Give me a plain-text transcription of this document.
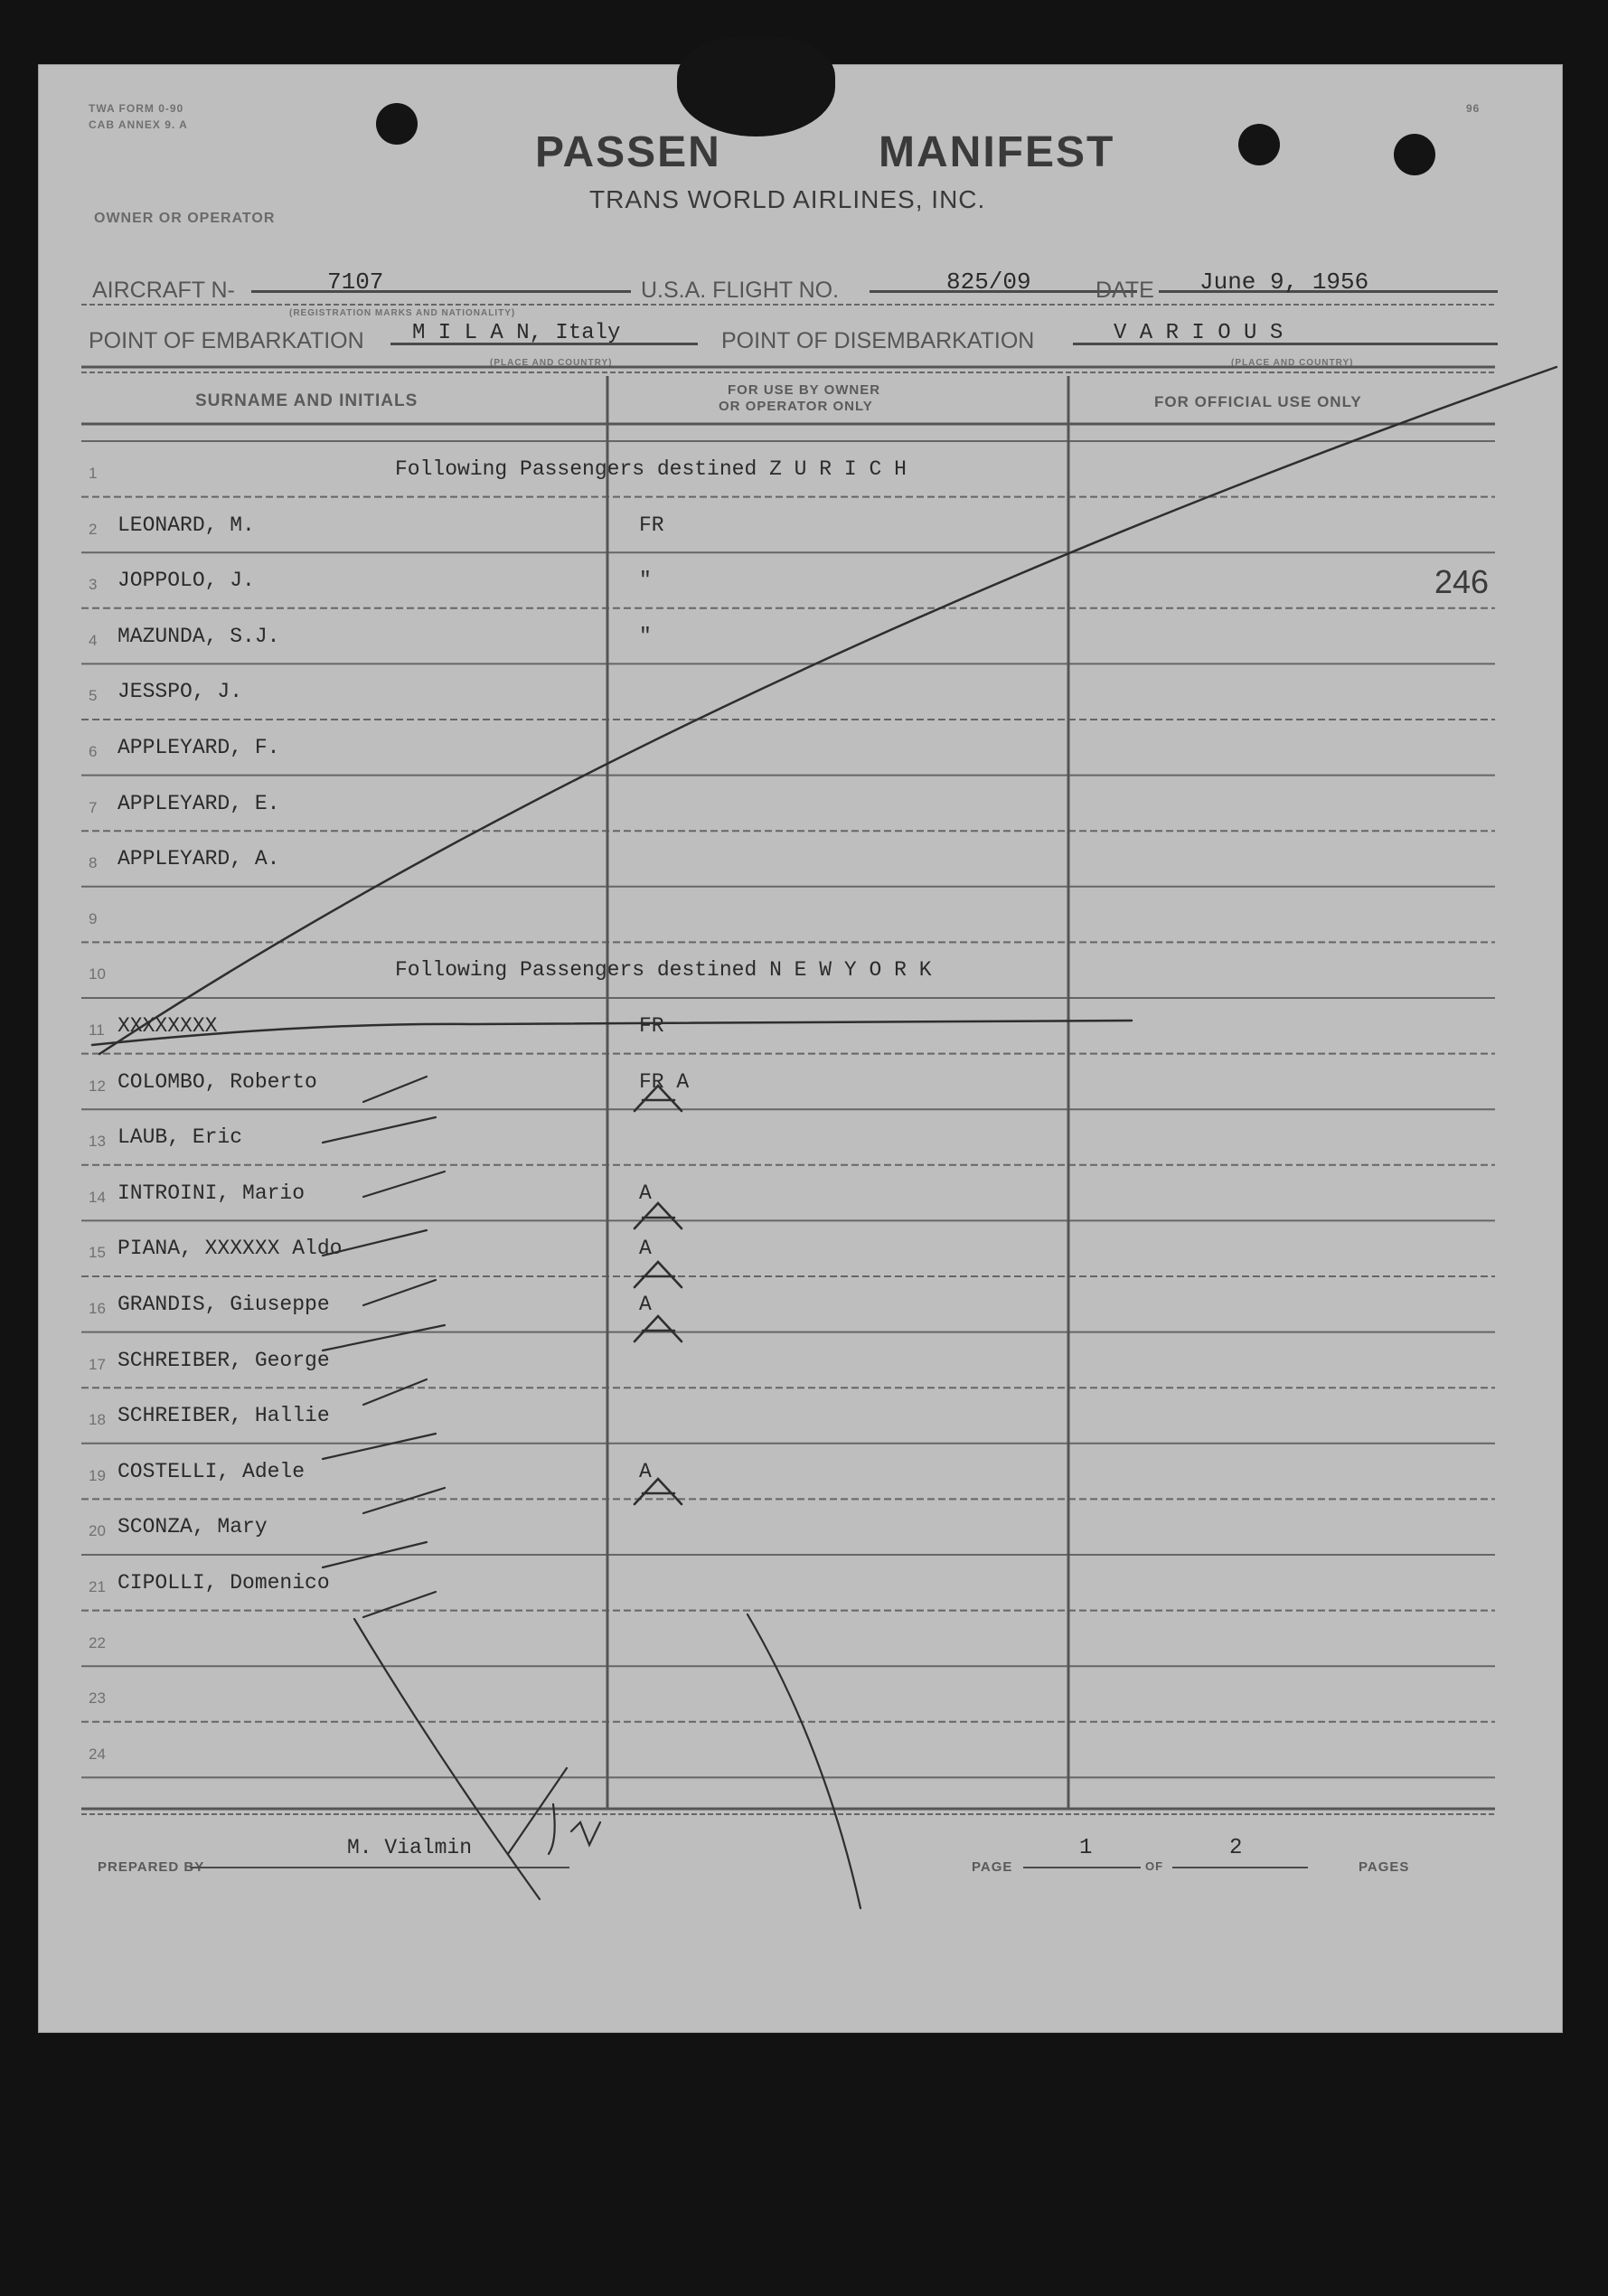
TWA FORM 0-90
CAB ANNEX 9. A
96
PASSEN	MANIFEST
TRANS WORLD AIRLINES, INC.
OWNER OR OPERATOR
AIRCRAFT N-	7107
(REGISTRATION MARKS AND NATIONALITY)
U.S.A. FLIGHT NO.	825/09	DATE June 9, 1956
POINT OF EMBARKATION M I L A N, Italy
(PLACE AND COUNTRY)
POINT OF DISEMBARKATION	V A R I O U S
(PLACE AND COUNTRY)
SURNAME AND INITIALS
FOR USE BY OWNER
OR OPERATOR ONLY	FOR OFFICIAL USE ONLY
1	Following Passengers destined Z U R I C H
2 LEONARD, M.	FR
3 JOPPOLO, J.	"	246
4 MAZUNDA, S.J.	"
5 JESSPO, J.
6 APPLEYARD, F.
7 APPLEYARD, E.
8 APPLEYARD, A.
9
10	Following Passengers destined N E W Y O R K
11 XXXXXXXX	FR
12 COLOMBO, Roberto	FR A
13 LAUB, Eric
14 INTROINI, Mario	A
15 PIANA, XXXXXX Aldo	A
16 GRANDIS, Giuseppe	A
17 SCHREIBER, George
18 SCHREIBER, Hallie
19 COSTELLI, Adele	A
20 SCONZA, Mary
21 CIPOLLI, Domenico
22
23
24
PREPARED BY
M. Vialmin
PAGE
1
OF
2
PAGES
